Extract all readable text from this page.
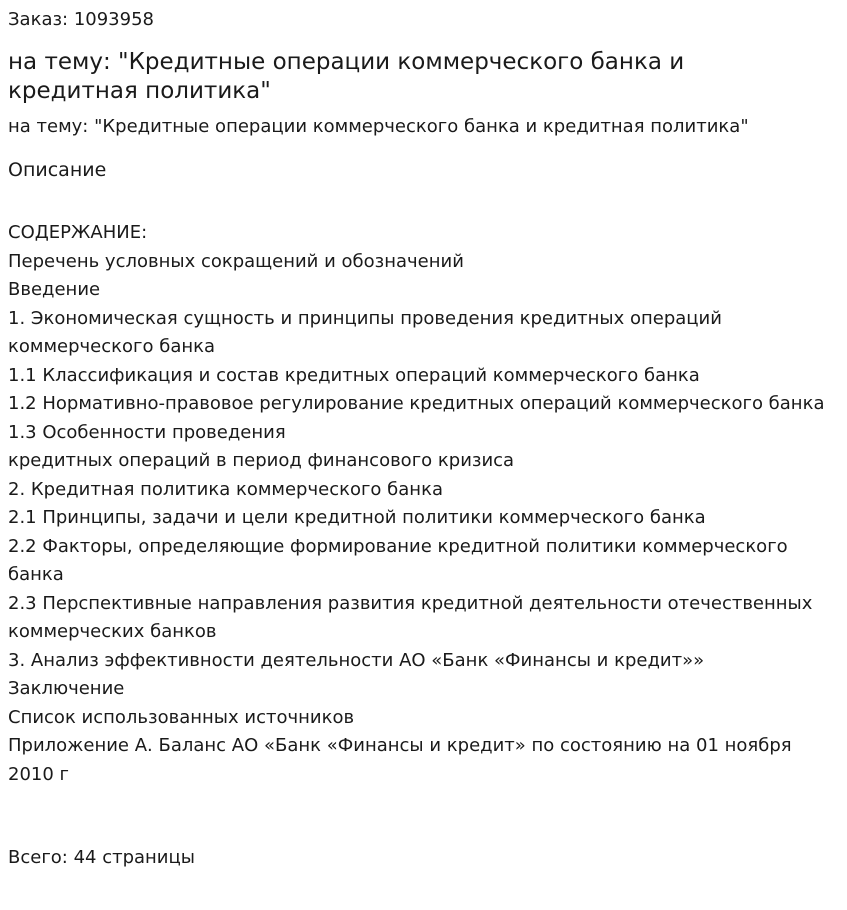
Заказ: 1093958
на тему: "Кредитные операции коммерческого банка и кредитная политика"
на тему: "Кредитные операции коммерческого банка и кредитная политика"
Описание
СОДЕРЖАНИЕ:
Перечень условных сокращений и обозначений
Введение
1. Экономическая сущность и принципы проведения кредитных операций коммерческого банка
1.1 Классификация и состав кредитных операций коммерческого банка
1.2 Нормативно-правовое регулирование кредитных операций коммерческого банка
1.3 Особенности проведения
кредитных операций в период финансового кризиса
2. Кредитная политика коммерческого банка
2.1 Принципы, задачи и цели кредитной политики коммерческого банка
2.2 Факторы, определяющие формирование кредитной политики коммерческого банка
2.3 Перспективные направления развития кредитной деятельности отечественных коммерческих банков
3. Анализ эффективности деятельности АО «Банк «Финансы и кредит»»
Заключение
Список использованных источников
Приложение А. Баланс АО «Банк «Финансы и кредит» по состоянию на 01 ноября 2010 г
Всего: 44 страницы
